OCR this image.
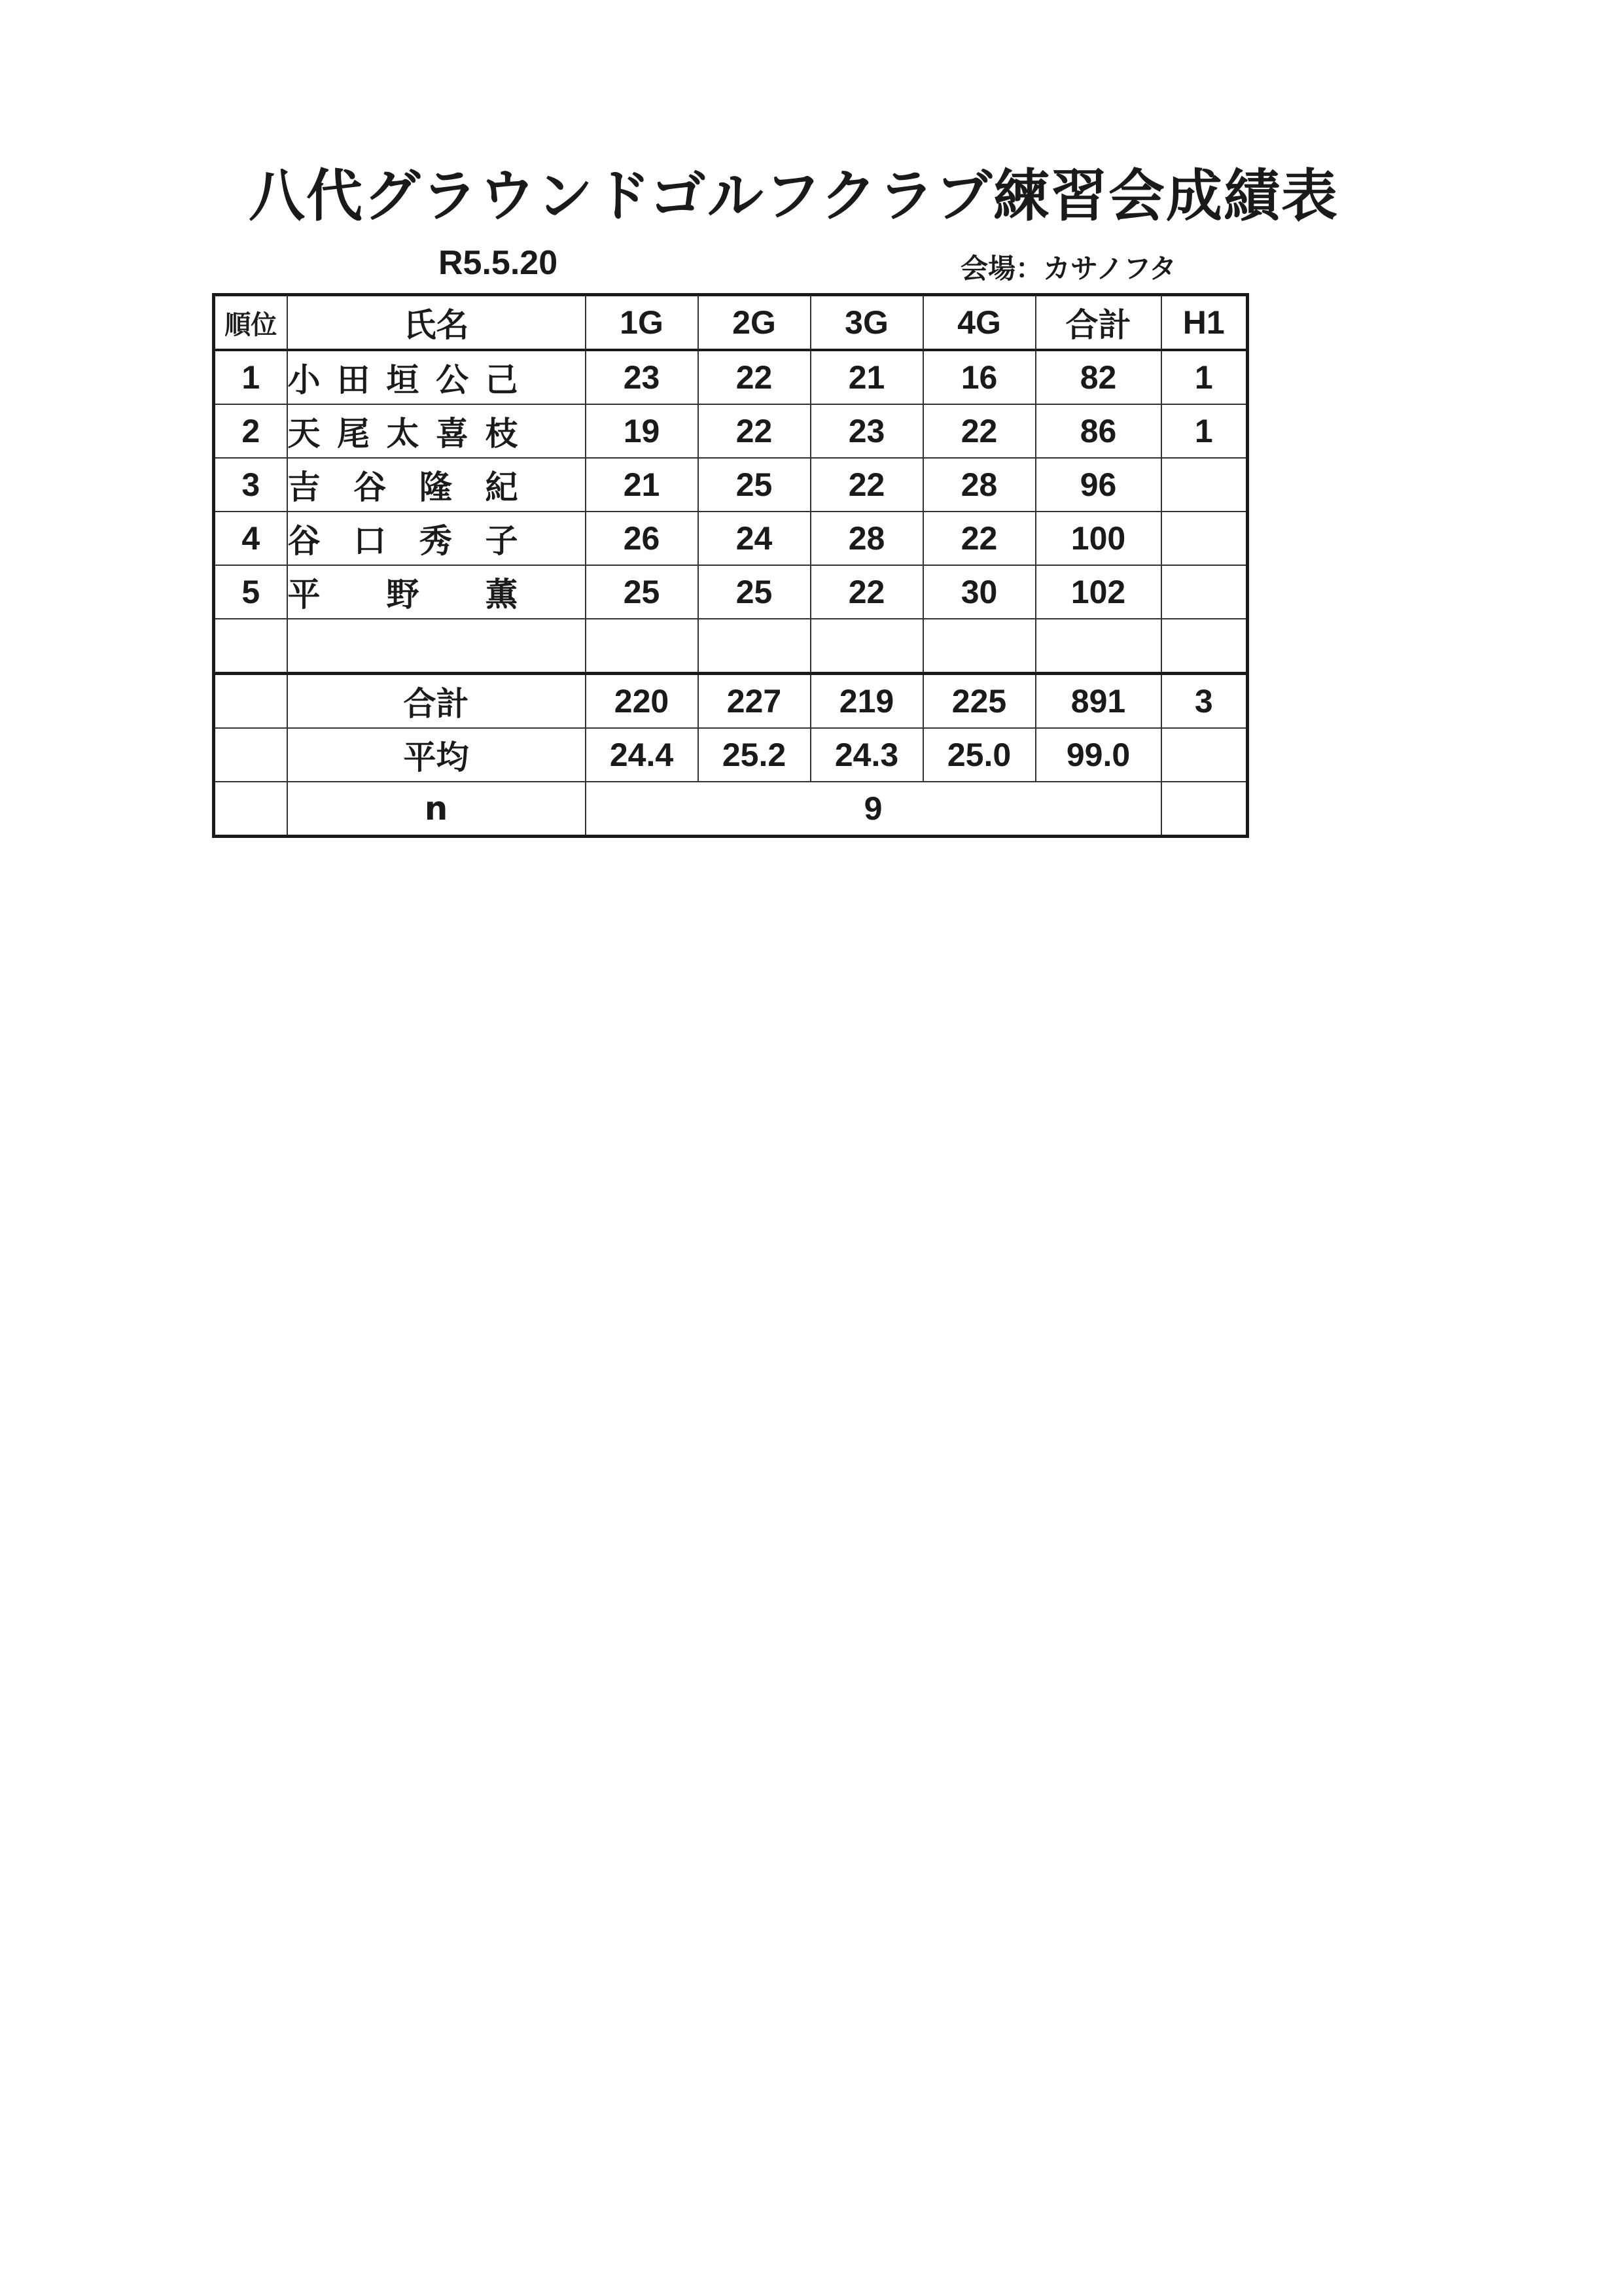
八代グラウンドゴルフクラブ練習会成績表
R5.5.20	会場：カサノフタ
順位	氏名	1G	2G	3G	4G	合計	H1
1	小 田 垣 公 己	23	22	21	16	82	1
2	天 尾 太 喜 枝	19	22	23	22	86	1
3	吉 谷 隆 紀	21	25	22	28	96	
4	谷 口 秀 子	26	24	28	22	100	
5	平 野 薫	25	25	22	30	102	

	合計	220	227	219	225	891	3
	平均	24.4	25.2	24.3	25.0	99.0	
	n	9					
